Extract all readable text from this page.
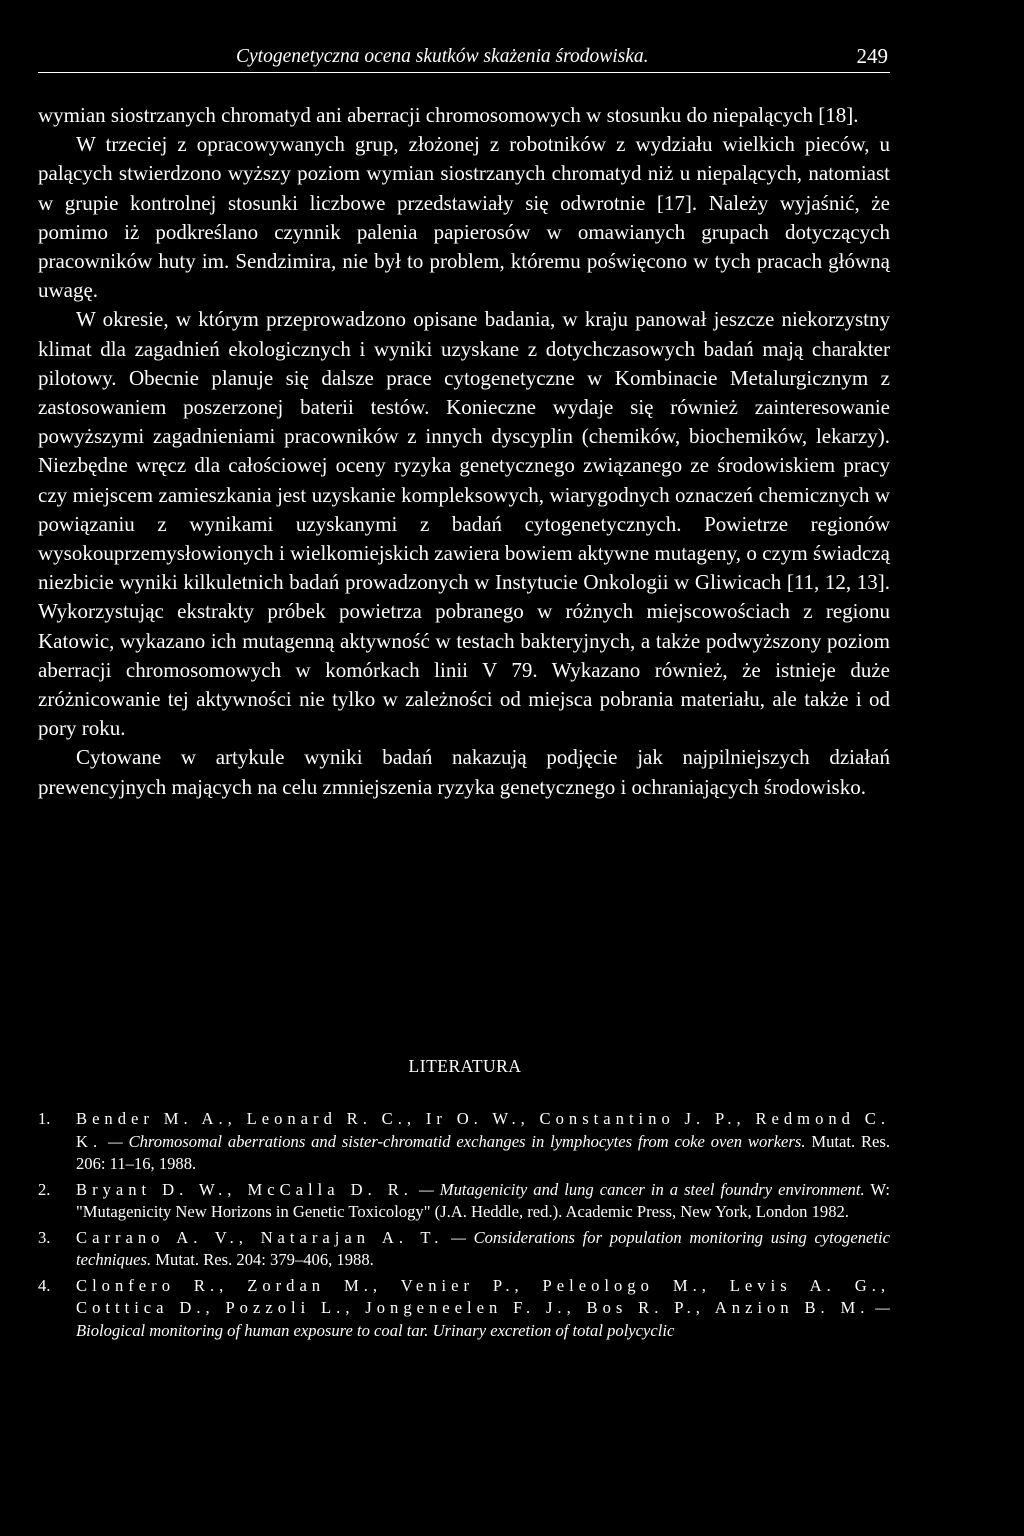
Cytogenetyczna ocena skutków skażenia środowiska.	249

wymian siostrzanych chromatyd ani aberracji chromosomowych w stosunku do niepalących [18].

W trzeciej z opracowywanych grup, złożonej z robotników z wydziału wielkich pieców, u palących stwierdzono wyższy poziom wymian siostrzanych chromatyd niż u niepalących, natomiast w grupie kontrolnej stosunki liczbowe przedstawiały się odwrotnie [17]. Należy wyjaśnić, że pomimo iż podkreślano czynnik palenia papierosów w omawianych grupach dotyczących pracowników huty im. Sendzimira, nie był to problem, któremu poświęcono w tych pracach główną uwagę.

W okresie, w którym przeprowadzono opisane badania, w kraju panował jeszcze niekorzystny klimat dla zagadnień ekologicznych i wyniki uzyskane z dotychczasowych badań mają charakter pilotowy. Obecnie planuje się dalsze prace cytogenetyczne w Kombinacie Metalurgicznym z zastosowaniem poszerzonej baterii testów. Konieczne wydaje się również zainteresowanie powyższymi zagadnieniami pracowników z innych dyscyplin (chemików, biochemików, lekarzy). Niezbędne wręcz dla całościowej oceny ryzyka genetycznego związanego ze środowiskiem pracy czy miejscem zamieszkania jest uzyskanie kompleksowych, wiarygodnych oznaczeń chemicznych w powiązaniu z wynikami uzyskanymi z badań cytogenetycznych. Powietrze regionów wysokouprzemysłowionych i wielkomiejskich zawiera bowiem aktywne mutageny, o czym świadczą niezbicie wyniki kilkuletnich badań prowadzonych w Instytucie Onkologii w Gliwicach [11, 12, 13]. Wykorzystując ekstrakty próbek powietrza pobranego w różnych miejscowościach z regionu Katowic, wykazano ich mutagenną aktywność w testach bakteryjnych, a także podwyższony poziom aberracji chromosomowych w komórkach linii V 79. Wykazano również, że istnieje duże zróżnicowanie tej aktywności nie tylko w zależności od miejsca pobrania materiału, ale także i od pory roku.

Cytowane w artykule wyniki badań nakazują podjęcie jak najpilniejszych działań prewencyjnych mających na celu zmniejszenia ryzyka genetycznego i ochraniających środowisko.

LITERATURA

1. Bender M. A., Leonard R. C., Ir O. W., Constantino J. P., Redmond C. K. — Chromosomal aberrations and sister-chromatid exchanges in lymphocytes from coke oven workers. Mutat. Res. 206: 11–16, 1988.

2. Bryant D. W., McCalla D. R. — Mutagenicity and lung cancer in a steel foundry environment. W: "Mutagenicity New Horizons in Genetic Toxicology" (J.A. Heddle, red.). Academic Press, New York, London 1982.

3. Carrano A. V., Natarajan A. T. — Considerations for population monitoring using cytogenetic techniques. Mutat. Res. 204: 379–406, 1988.

4. Clonfero R., Zordan M., Venier P., Peleologo M., Levis A. G., Cotttica D., Pozzoli L., Jongeneelen F. J., Bos R. P., Anzion B. M. — Biological monitoring of human exposure to coal tar. Urinary excretion of total polycyclic
